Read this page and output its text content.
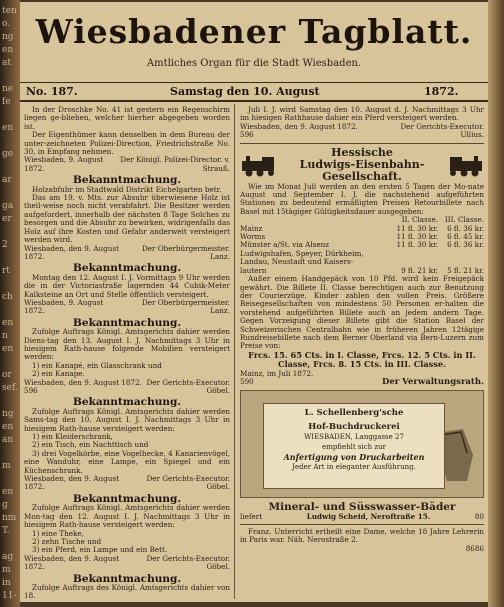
ten
o.
ng
en
at
ne
fe
en
ge
ar
ga
er
2
rt
ch
en
n
en
or
sef.
ng
en
an
m
en
g
nm
T.
ag
m
in
11-
Wiesbadener Tagblatt.
Amtliches Organ für die Stadt Wiesbaden.
No. 187.	Samstag den 10. August	1872.

In der Droschke No. 41 ist gestern ein Regenschirm liegen ge-blieben, welcher hierher abgegeben worden ist.

Der Eigenthümer kann denselben in dem Bureau der unter-zeichneten Polizei-Direction, Friedrichstraße No. 30, in Empfang nehmen.

Wiesbaden, 9. August 1872.
Der Königl. Polizei-Director. v. Strauß.
Bekanntmachung.

Holzabfuhr im Stadtwald Distrikt Eichelgarten betr.

Das am 19. v. Mts. zur Absuhr überwiesene Holz ist theil-weise noch nicht verabfahrt. Die Besitzer werden aufgefordert, innerhalb der nächsten 8 Tage Solches zu besorgen und die Absuhr zu bewirken, widrigenfalls das Holz auf ihre Kosten und Gefahr anderweit versteigert werden wird.

Wiesbaden, den 9. August 1872.
Der Oberbürgermeister. Lanz.
Bekanntmachung.

Montag den 12. August I. J. Vormittags 9 Uhr werden die in der Victoriastraße lagernden 44 Cubik-Meter Kalksteine an Ort und Stelle öffentlich versteigert.

Wiesbaden, 9. August 1872.
Der Oberbürgermeister. Lanz.
Bekanntmachung.

Zufolge Auftrags Königl. Amtsgerichts dahier werden Diens-tag den 13. August I. J. Nachmittags 3 Uhr in hiesigem Rath-hause folgende Mobilien versteigert werden:

1) ein Kanapé, ein Glasschrank und

2) ein Kanape.

Wiesbaden, den 9. August 1872. Der Gerichts-Executor.
596	Göbel.
Bekanntmachung.

Zufolge Auftrags Königl. Amtsgerichts dahier werden Sams-tag den 10. August I. J. Nachmittags 3 Uhr in hiesigem Rath-hause versteigert werden:

1) ein Kleiderschrank,

2) ein Tisch, ein Nachttisch und

3) drei Vogelkörbe, eine Vogelhecke, 4 Kanarienvögel, eine Wanduhr, eine Lampe, ein Spiegel und ein Küchenschrank.

Wiesbaden, den 9. August 1872.
Der Gerichts-Executor. Göbel.
Bekanntmachung.

Zufolge Auftrags Königl. Amtsgerichts dahier werden Mon-tag den 12. August I. J. Nachmittags 3 Uhr in hiesigem Rath-hause versteigert werden:

1) eine Theke,

2) zehn Tische und

3) ein Pferd, ein Lampe und ein Bett.

Wiesbaden, den 9. August 1872.
Der Gerichts-Executor. Göbel.
Bekanntmachung.

Zufolge Auftrags des Königl. Amtsgerichts dahier von 18.

Juli I. J. wird Samstag den 10. August d. J. Nachmittags 3 Uhr im hiesigen Rathhause dahier ein Pferd versteigert werden.

Wiesbaden, den 9. August 1872.	Der Gerichts-Executor.
596	Ullius.
Hessische
Ludwigs-Eisenbahn-
Gesellschaft.

Wie im Monat Juli werden an den ersten 5 Tagen der Mo-nate August und September I. J. die nachstehend aufgeführten Stationen zu bedeutend ermäßigten Preisen Retourbillete nach Basel mit 15tägiger Gültigkeitsdauer ausgegeben:

II. Classe. III. Classe.
Mainz	11 fl. 30 kr.	6 fl. 36 kr.
Worms	11 fl. 30 kr.	6 fl. 45 kr.
Münster a/St. via Alsenz	11 fl. 30 kr.	6 fl. 36 kr.
Ludwigshafen, Speyer, Dürkheim,
Landau, Neustadt und Kaisers-
lautern	9 fl. 21 kr.	5 fl. 21 kr.

Außer einem Handgepäck von 10 Pfd. wird kein Freigepäck gewährt. Die Billete II. Classe berechtigen auch zur Benutzung der Courierzüge. Kinder zahlen den vollen Preis. Größere Reisegesellschaften von mindestens 50 Personen er-halten die vorstehend aufgeführten Billete auch an jedem andern Tage. Gegen Vorzeigung dieser Billete gibt die Station Basel der Schweizerischen Centralbahn wie in früheren Jahren 12tägige Rundreisebillete nach dem Berner Oberland via Bern-Luzern zum Preise von:

Frcs. 15. 65 Cts. in I. Classe, Frcs. 12. 5 Cts. in II. Classe, Frcs. 8. 15 Cts. in III. Classe.
Mainz, im Juli 1872.
590	Der Verwaltungsrath.
L. Schellenberg'sche
Hof-Buchdruckerei
WIESBADEN, Langgasse 27
empfiehlt sich zur
Anfertigung von Druckarbeiten
Jeder Art in eleganter Ausführung.
Mineral- und Süsswasser-Bäder
liefert	Ludwig Scheid, Neroftraße 15.	80

Franz. Unterricht ertheilt eine Dame, welche 18 Jahre Lehrerin in Paris war. Näh. Nerostraße 2.

8686
